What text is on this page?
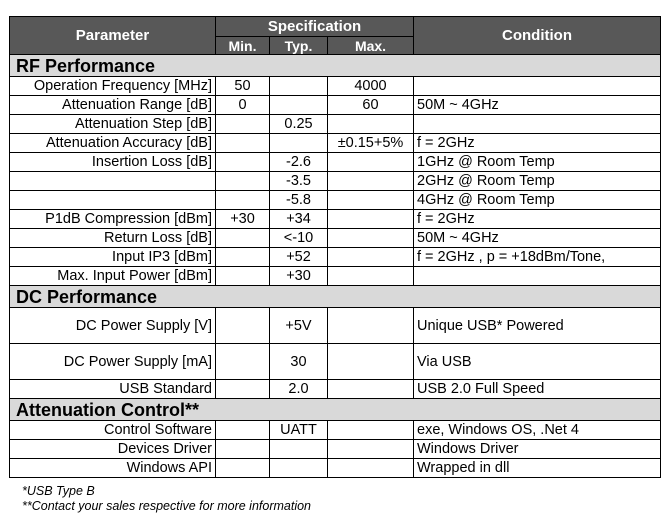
Parameter	Specification			Condition
	Min.	Typ.	Max.	
RF Performance				
Operation Frequency [MHz]	50		4000	
Attenuation Range [dB]	0		60	50M ~ 4GHz
Attenuation Step [dB]		0.25		
Attenuation Accuracy [dB]			±0.15+5%	f = 2GHz
Insertion Loss [dB]		-2.6		1GHz @ Room Temp
		-3.5		2GHz @ Room Temp
		-5.8		4GHz @ Room Temp
P1dB Compression [dBm]	+30	+34		f = 2GHz
Return Loss [dB]		<-10		50M ~ 4GHz
Input IP3 [dBm]		+52		f = 2GHz , p = +18dBm/Tone,
Max. Input Power [dBm]		+30		
DC Performance				
DC Power Supply [V]		+5V		Unique USB* Powered
DC Power Supply [mA]		30		Via USB
USB Standard		2.0		USB 2.0 Full Speed
Attenuation Control**				
Control Software		UATT		exe, Windows OS, .Net 4
Devices Driver				Windows Driver
Windows API				Wrapped in dll
*USB Type B
**Contact your sales respective for more information
